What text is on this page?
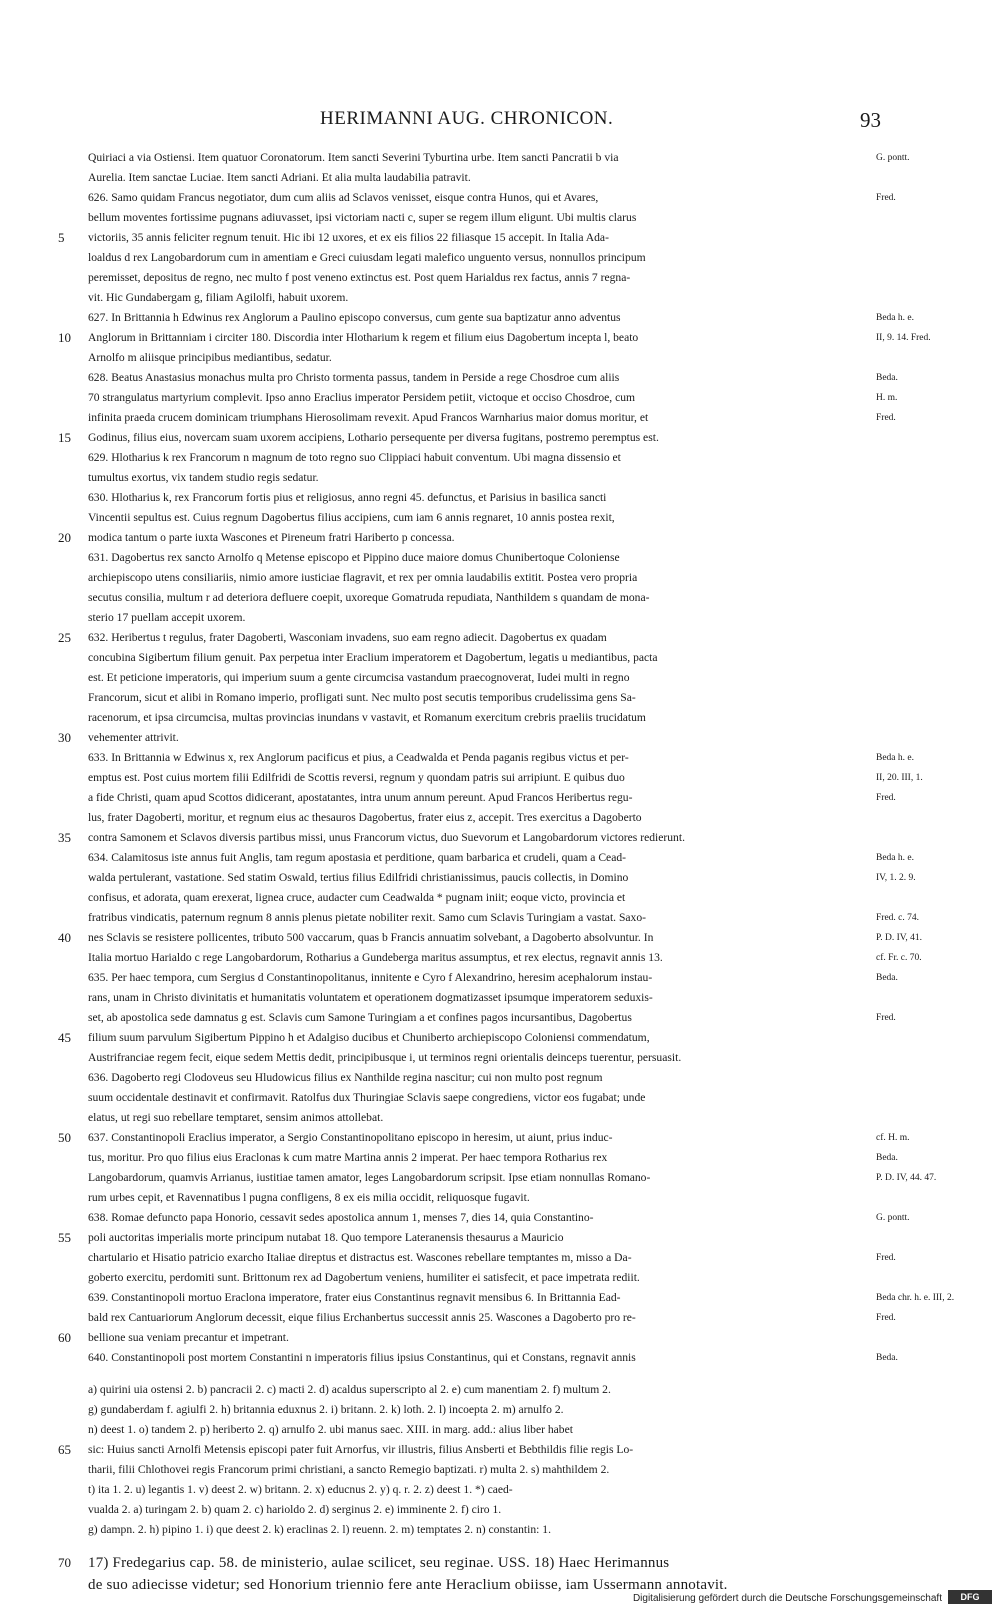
HERIMANNI AUG. CHRONICON.	93
Quiriaci a via Ostiensi. Item quatuor Coronatorum. Item sancti Severini Tyburtina urbe. Item sancti Pancratii b via	G. pontt.
Aurelia. Item sanctae Luciae. Item sancti Adriani. Et alia multa laudabilia patravit.
626. Samo quidam Francus negotiator, dum cum aliis ad Sclavos venisset, eisque contra Hunos, qui et Avares,	Fred.
bellum moventes fortissime pugnans adiuvasset, ipsi victoriam nacti c, super se regem illum eligunt. Ubi multis clarus
5	victoriis, 35 annis feliciter regnum tenuit. Hic ibi 12 uxores, et ex eis filios 22 filiasque 15 accepit. In Italia Ada-
loaldus d rex Langobardorum cum in amentiam e Greci cuiusdam legati malefico unguento versus, nonnullos principum
peremisset, depositus de regno, nec multo f post veneno extinctus est. Post quem Harialdus rex factus, annis 7 regna-
vit. Hic Gundabergam g, filiam Agilolfi, habuit uxorem.
627. In Brittannia h Edwinus rex Anglorum a Paulino episcopo conversus, cum gente sua baptizatur anno adventus	Beda h. e.
10	Anglorum in Brittanniam i circiter 180. Discordia inter Hlotharium k regem et filium eius Dagobertum incepta l, beato	II, 9. 14. Fred.
Arnolfo m aliisque principibus mediantibus, sedatur.
628. Beatus Anastasius monachus multa pro Christo tormenta passus, tandem in Perside a rege Chosdroe cum aliis	Beda.
70 strangulatus martyrium complevit. Ipso anno Eraclius imperator Persidem petiit, victoque et occiso Chosdroe, cum	H. m.
infinita praeda crucem dominicam triumphans Hierosolimam revexit. Apud Francos Warnharius maior domus moritur, et	Fred.
15	Godinus, filius eius, novercam suam uxorem accipiens, Lothario persequente per diversa fugitans, postremo peremptus est.
629. Hlotharius k rex Francorum n magnum de toto regno suo Clippiaci habuit conventum. Ubi magna dissensio et
tumultus exortus, vix tandem studio regis sedatur.
630. Hlotharius k, rex Francorum fortis pius et religiosus, anno regni 45. defunctus, et Parisius in basilica sancti
Vincentii sepultus est. Cuius regnum Dagobertus filius accipiens, cum iam 6 annis regnaret, 10 annis postea rexit,
20	modica tantum o parte iuxta Wascones et Pireneum fratri Hariberto p concessa.
631. Dagobertus rex sancto Arnolfo q Metense episcopo et Pippino duce maiore domus Chunibertoque Coloniense
archiepiscopo utens consiliariis, nimio amore iusticiae flagravit, et rex per omnia laudabilis extitit. Postea vero propria
secutus consilia, multum r ad deteriora defluere coepit, uxoreque Gomatruda repudiata, Nanthildem s quandam de mona-
sterio 17 puellam accepit uxorem.
25	632. Heribertus t regulus, frater Dagoberti, Wasconiam invadens, suo eam regno adiecit. Dagobertus ex quadam
concubina Sigibertum filium genuit. Pax perpetua inter Eraclium imperatorem et Dagobertum, legatis u mediantibus, pacta
est. Et peticione imperatoris, qui imperium suum a gente circumcisa vastandum praecognoverat, Iudei multi in regno
Francorum, sicut et alibi in Romano imperio, profligati sunt. Nec multo post secutis temporibus crudelissima gens Sa-
racenorum, et ipsa circumcisa, multas provincias inundans v vastavit, et Romanum exercitum crebris praeliis trucidatum
30	vehementer attrivit.
633. In Brittannia w Edwinus x, rex Anglorum pacificus et pius, a Ceadwalda et Penda paganis regibus victus et per-	Beda h. e.
emptus est. Post cuius mortem filii Edilfridi de Scottis reversi, regnum y quondam patris sui arripiunt. E quibus duo	II, 20. III, 1.
a fide Christi, quam apud Scottos didicerant, apostatantes, intra unum annum pereunt. Apud Francos Heribertus regu-	Fred.
lus, frater Dagoberti, moritur, et regnum eius ac thesauros Dagobertus, frater eius z, accepit. Tres exercitus a Dagoberto
35	contra Samonem et Sclavos diversis partibus missi, unus Francorum victus, duo Suevorum et Langobardorum victores redierunt.
634. Calamitosus iste annus fuit Anglis, tam regum apostasia et perditione, quam barbarica et crudeli, quam a Cead-	Beda h. e.
walda pertulerant, vastatione. Sed statim Oswald, tertius filius Edilfridi christianissimus, paucis collectis, in Domino	IV, 1. 2. 9.
confisus, et adorata, quam erexerat, lignea cruce, audacter cum Ceadwalda * pugnam iniit; eoque victo, provincia et
fratribus vindicatis, paternum regnum 8 annis plenus pietate nobiliter rexit. Samo cum Sclavis Turingiam a vastat. Saxo-	Fred. c. 74.
40	nes Sclavis se resistere pollicentes, tributo 500 vaccarum, quas b Francis annuatim solvebant, a Dagoberto absolvuntur. In	P. D. IV, 41.
Italia mortuo Harialdo c rege Langobardorum, Rotharius a Gundeberga maritus assumptus, et rex electus, regnavit annis 13.	cf. Fr. c. 70.
635. Per haec tempora, cum Sergius d Constantinopolitanus, innitente e Cyro f Alexandrino, heresim acephalorum instau-	Beda.
rans, unam in Christo divinitatis et humanitatis voluntatem et operationem dogmatizasset ipsumque imperatorem seduxis-
set, ab apostolica sede damnatus g est. Sclavis cum Samone Turingiam a et confines pagos incursantibus, Dagobertus	Fred.
45	filium suum parvulum Sigibertum Pippino h et Adalgiso ducibus et Chuniberto archiepiscopo Coloniensi commendatum,
Austrifranciae regem fecit, eique sedem Mettis dedit, principibusque i, ut terminos regni orientalis deinceps tuerentur, persuasit.
636. Dagoberto regi Clodoveus seu Hludowicus filius ex Nanthilde regina nascitur; cui non multo post regnum
suum occidentale destinavit et confirmavit. Ratolfus dux Thuringiae Sclavis saepe congrediens, victor eos fugabat; unde
elatus, ut regi suo rebellare temptaret, sensim animos attollebat.
50	637. Constantinopoli Eraclius imperator, a Sergio Constantinopolitano episcopo in heresim, ut aiunt, prius induc-	cf. H. m.
tus, moritur. Pro quo filius eius Eraclonas k cum matre Martina annis 2 imperat. Per haec tempora Rotharius rex	Beda.
Langobardorum, quamvis Arrianus, iustitiae tamen amator, leges Langobardorum scripsit. Ipse etiam nonnullas Romano-	P. D. IV, 44. 47.
rum urbes cepit, et Ravennatibus l pugna confligens, 8 ex eis milia occidit, reliquosque fugavit.
638. Romae defuncto papa Honorio, cessavit sedes apostolica annum 1, menses 7, dies 14, quia Constantino-	G. pontt.
55	poli auctoritas imperialis morte principum nutabat 18. Quo tempore Lateranensis thesaurus a Mauricio
chartulario et Hisatio patricio exarcho Italiae direptus et distractus est. Wascones rebellare temptantes m, misso a Da-	Fred.
goberto exercitu, perdomiti sunt. Brittonum rex ad Dagobertum veniens, humiliter ei satisfecit, et pace impetrata rediit.
639. Constantinopoli mortuo Eraclona imperatore, frater eius Constantinus regnavit mensibus 6. In Brittannia Ead-	Beda chr. h. e. III, 2.
bald rex Cantuariorum Anglorum decessit, eique filius Erchanbertus successit annis 25. Wascones a Dagoberto pro re-	Fred.
60	bellione sua veniam precantur et impetrant.
640. Constantinopoli post mortem Constantini n imperatoris filius ipsius Constantinus, qui et Constans, regnavit annis	Beda.
a) quirini uia ostensi 2. b) pancracii 2. c) macti 2. d) acaldus superscripto al 2. e) cum manentiam 2. f) multum 2.
g) gundaberdam f. agiulfi 2. h) britannia eduxnus 2. i) britann. 2. k) loth. 2. l) incoepta 2. m) arnulfo 2.
n) deest 1. o) tandem 2. p) heriberto 2. q) arnulfo 2. ubi manus saec. XIII. in marg. add.: alius liber habet
65	sic: Huius sancti Arnolfi Metensis episcopi pater fuit Arnorfus, vir illustris, filius Ansberti et Bebthildis filie regis Lo-
tharii, filii Chlothovei regis Francorum primi christiani, a sancto Remegio baptizati. r) multa 2. s) mahthildem 2.
t) ita 1. 2. u) legantis 1. v) deest 2. w) britann. 2. x) educnus 2. y) q. r. 2. z) deest 1. *) caed-
vualda 2. a) turingam 2. b) quam 2. c) harioldo 2. d) serginus 2. e) imminente 2. f) ciro 1.
g) dampn. 2. h) pipino 1. i) que deest 2. k) eraclinas 2. l) reuenn. 2. m) temptates 2. n) constantin: 1.
70	17) Fredegarius cap. 58. de ministerio, aulae scilicet, seu reginae. USS. 18) Haec Herimannus
de suo adiecisse videtur; sed Honorium triennio fere ante Heraclium obiisse, iam Ussermann annotavit.
Digitalisierung gefördert durch die Deutsche Forschungsgemeinschaft	DFG
